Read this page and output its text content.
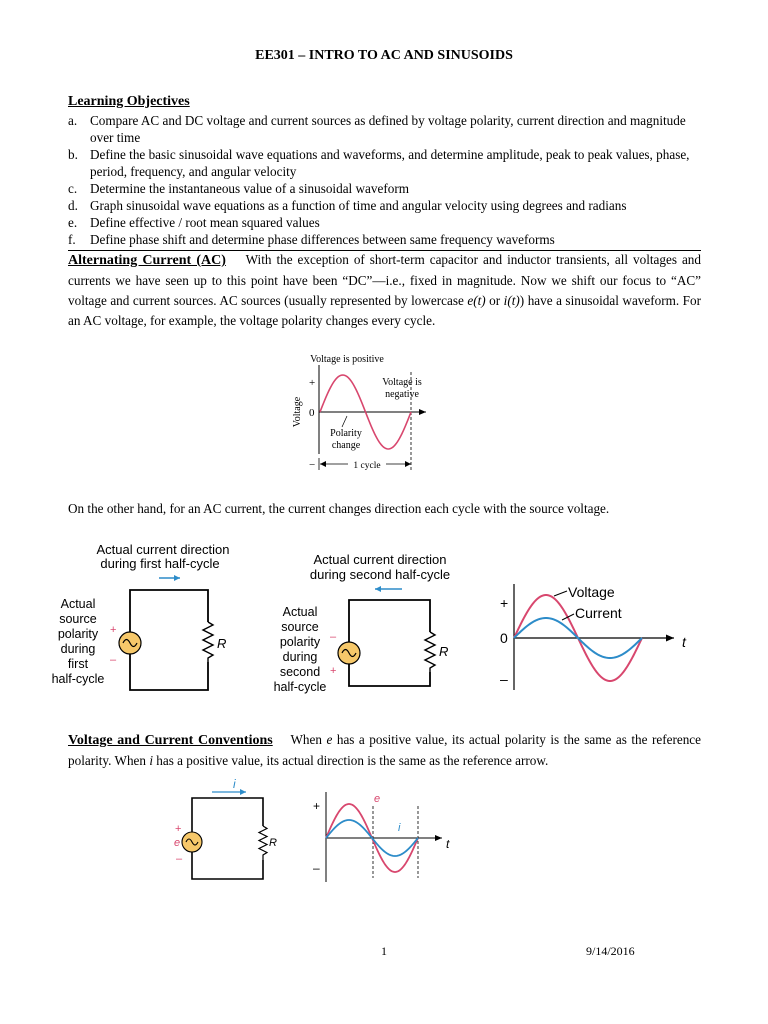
EE301 – INTRO TO AC AND SINUSOIDS
Learning Objectives
a. Compare AC and DC voltage and current sources as defined by voltage polarity, current direction and magnitude over time
b. Define the basic sinusoidal wave equations and waveforms, and determine amplitude, peak to peak values, phase, period, frequency, and angular velocity
c. Determine the instantaneous value of a sinusoidal waveform
d. Graph sinusoidal wave equations as a function of time and angular velocity using degrees and radians
e. Define effective / root mean squared values
f.	Define phase shift and determine phase differences between same frequency waveforms
Alternating Current (AC) With the exception of short-term capacitor and inductor transients, all voltages and currents we have seen up to this point have been “DC”—i.e., fixed in magnitude. Now we shift our focus to “AC” voltage and current sources. AC sources (usually represented by lowercase e(t) or i(t)) have a sinusoidal waveform. For an AC voltage, for example, the voltage polarity changes every cycle.
1 cycle
Voltage is positive
Voltage is
negative
Polarity
change
+
0
−
Voltage
On the other hand, for an AC current, the current changes direction each cycle with the source voltage.
Actual current direction
during first half-cycle
R
+
–
Actual
source
polarity
during
first
half-cycle
Actual current direction
during second half-cycle
R
–
+
Actual
source
polarity
during
second
half-cycle
+
0
–
t
Voltage
Current
Voltage and Current Conventions When e has a positive value, its actual polarity is the same as the reference polarity. When i has a positive value, its actual direction is the same as the reference arrow.
i
R
+
e
–
+
–
t
e
i
1	9/14/2016
